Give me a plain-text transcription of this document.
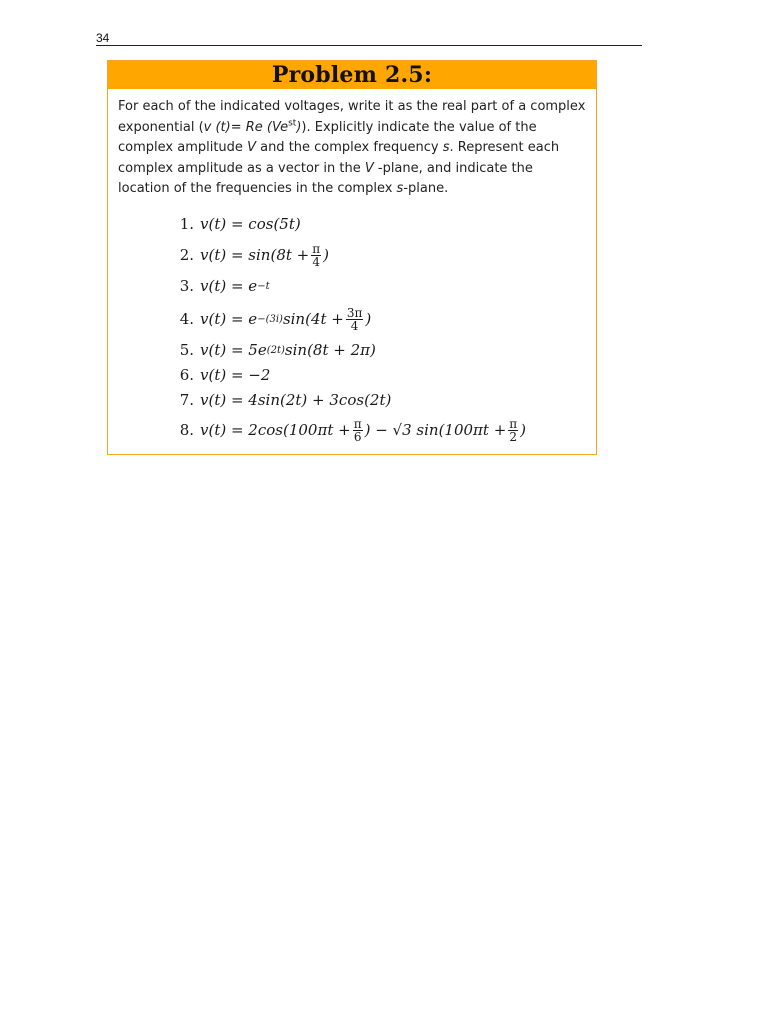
34
Problem 2.5:

For each of the indicated voltages, write it as the real part of a complex exponential (v (t)= Re $(Ve^{st})$). Explicitly indicate the value of the complex amplitude V and the complex frequency s. Represent each complex amplitude as a vector in the V -plane, and indicate the location of the frequencies in the complex s-plane.

1. v(t) = cos(5t)
2. $v(t) = \sin(8t + \frac{\pi}{4}$ )
3. v(t) = e −t
4. v(t) = e −(3i) $\sin(4t + \frac{3\pi}{4}$ )
5. v(t) = 5e (2t) sin(8t + 2π)
6. v(t) = −2
7. v(t) = 4sin(2t) + 3cos(2t)
8. $v(t) = 2\cos(100\pi t + \frac{\pi}{6}$ ) − √3 $\sin(100\pi t + \frac{\pi}{2}$ )
